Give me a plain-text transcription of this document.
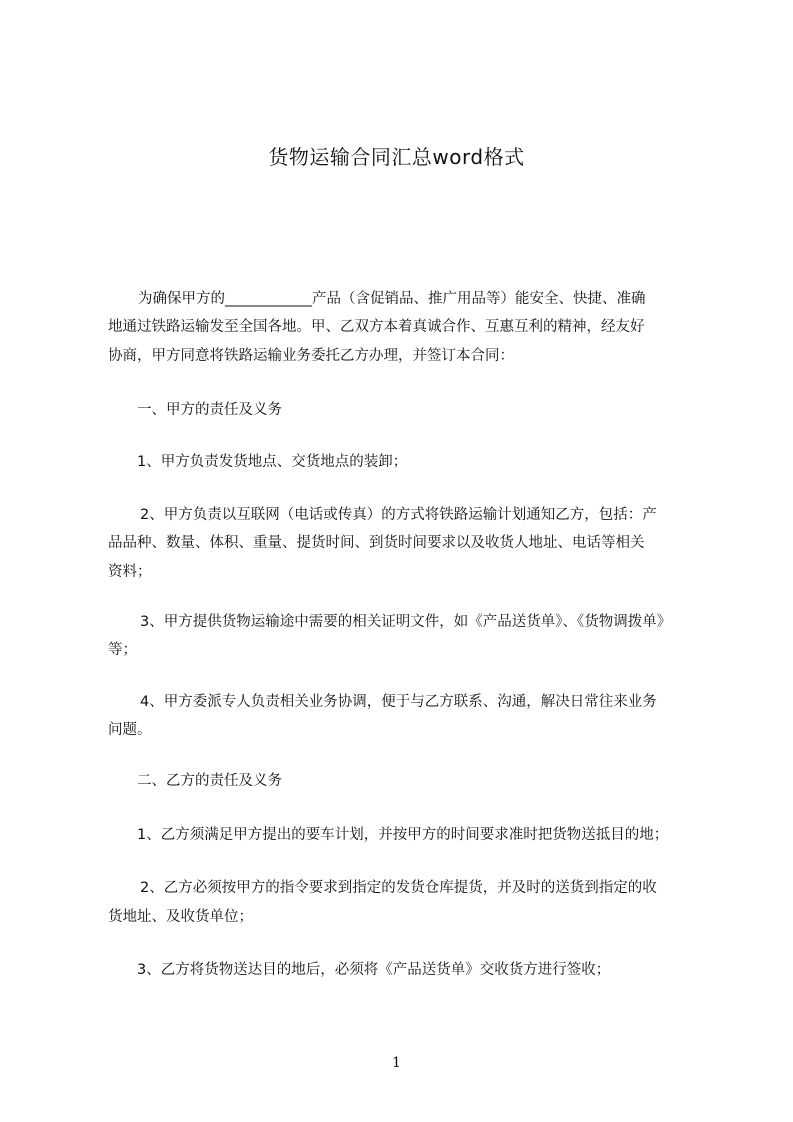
货物运输合同汇总word格式

为确保甲方的____________产品（含促销品、推广用品等）能安全、快捷、准确

地通过铁路运输发至全国各地。甲、乙双方本着真诚合作、互惠互利的精神，经友好

协商，甲方同意将铁路运输业务委托乙方办理，并签订本合同：

一、甲方的责任及义务

1、甲方负责发货地点、交货地点的装卸；

2、甲方负责以互联网（电话或传真）的方式将铁路运输计划通知乙方，包括：产

品品种、数量、体积、重量、提货时间、到货时间要求以及收货人地址、电话等相关

资料；

3、甲方提供货物运输途中需要的相关证明文件，如《产品送货单》、《货物调拨单》

等；

4、甲方委派专人负责相关业务协调，便于与乙方联系、沟通，解决日常往来业务

问题。

二、乙方的责任及义务

1、乙方须满足甲方提出的要车计划，并按甲方的时间要求准时把货物送抵目的地；

2、乙方必须按甲方的指令要求到指定的发货仓库提货，并及时的送货到指定的收

货地址、及收货单位；

3、乙方将货物送达目的地后，必须将《产品送货单》交收货方进行签收；

1
